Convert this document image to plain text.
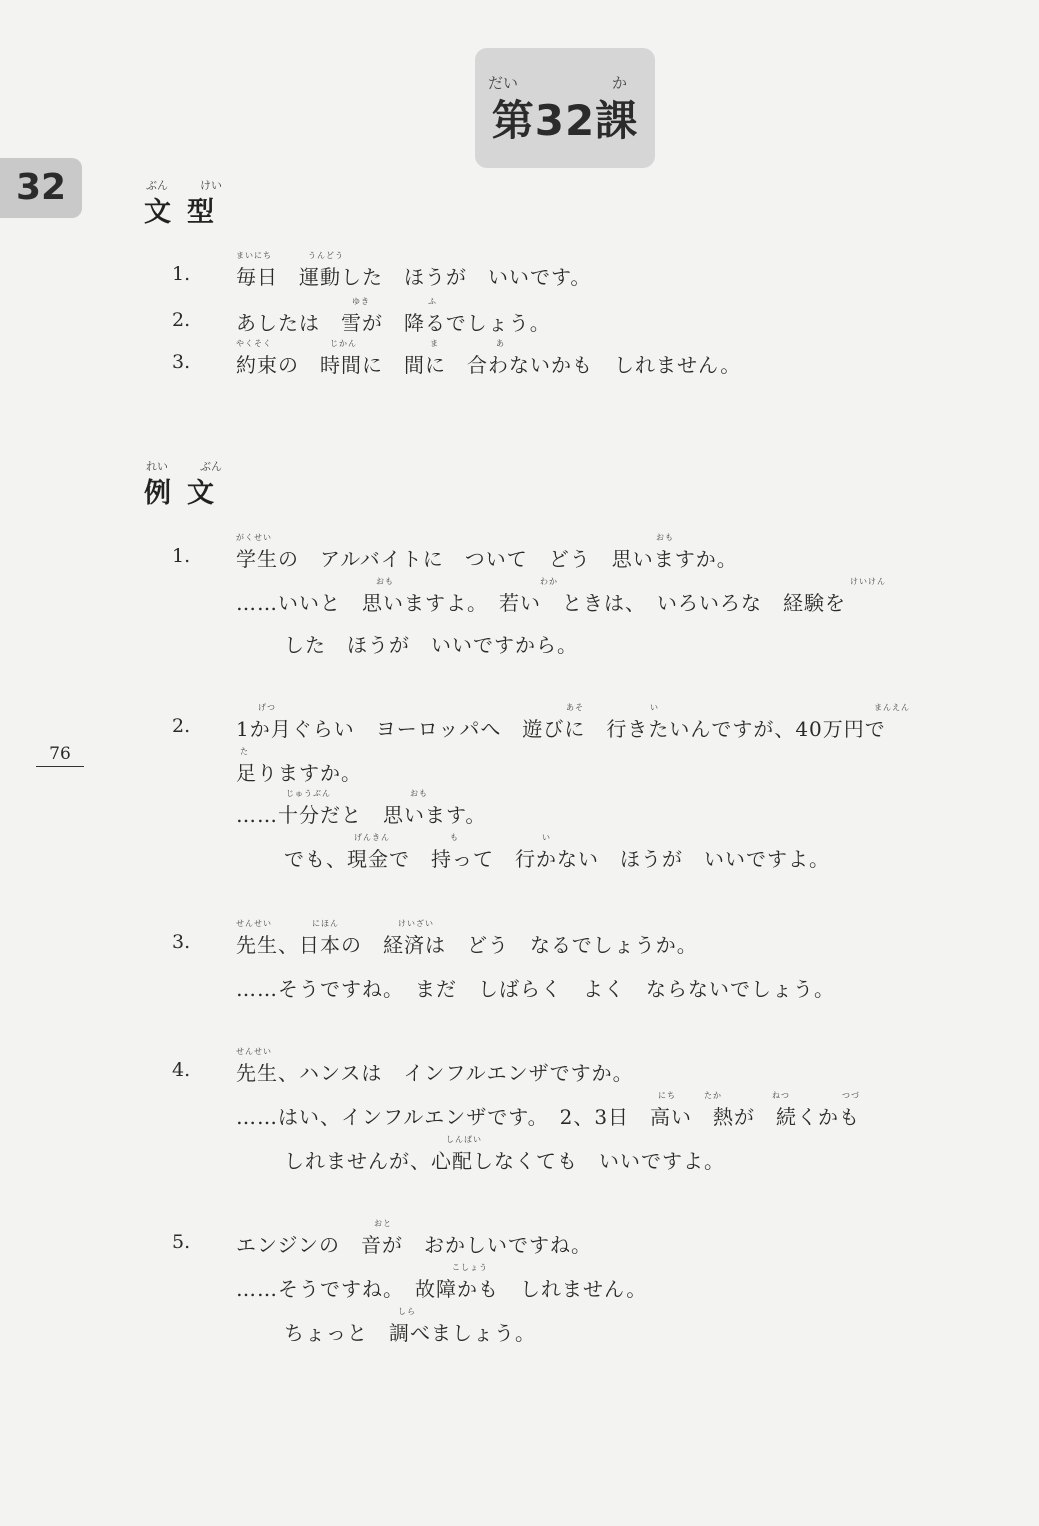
だい	か
第32課
32
76
ぶん	けい
文型
まいにち	うんどう
1. 毎日　運動した　ほうが　いいです。
ゆき	ふ
2. あしたは　雪が　降るでしょう。
やくそく	じかん	ま	あ
3. 約束の　時間に　間に　合わないかも　しれません。
れい	ぶん
例文
がくせい	おも
1. 学生の　アルバイトに　ついて　どう　思いますか。
おも	わか	けいけん
……いいと　思いますよ。　若い　ときは、　いろいろな　経験を
した　ほうが　いいですから。
げつ	あそ	い	まんえん
2. 1か月ぐらい　ヨーロッパへ　遊びに　行きたいんですが、40万円で
た
足りますか。
じゅうぶん	おも
……十分だと　思います。
げんきん	も	い
でも、現金で　持って　行かない　ほうが　いいですよ。
せんせい	にほん	けいざい
3. 先生、日本の　経済は　どう　なるでしょうか。
……そうですね。　まだ　しばらく　よく　ならないでしょう。
せんせい
4. 先生、ハンスは　インフルエンザですか。
にち	たか	ねつ	つづ
……はい、インフルエンザです。　2、3日　高い　熱が　続くかも
しんぱい
しれませんが、心配しなくても　いいですよ。
おと
5. エンジンの　音が　おかしいですね。
こしょう
……そうですね。　故障かも　しれません。
しら
ちょっと　調べましょう。
